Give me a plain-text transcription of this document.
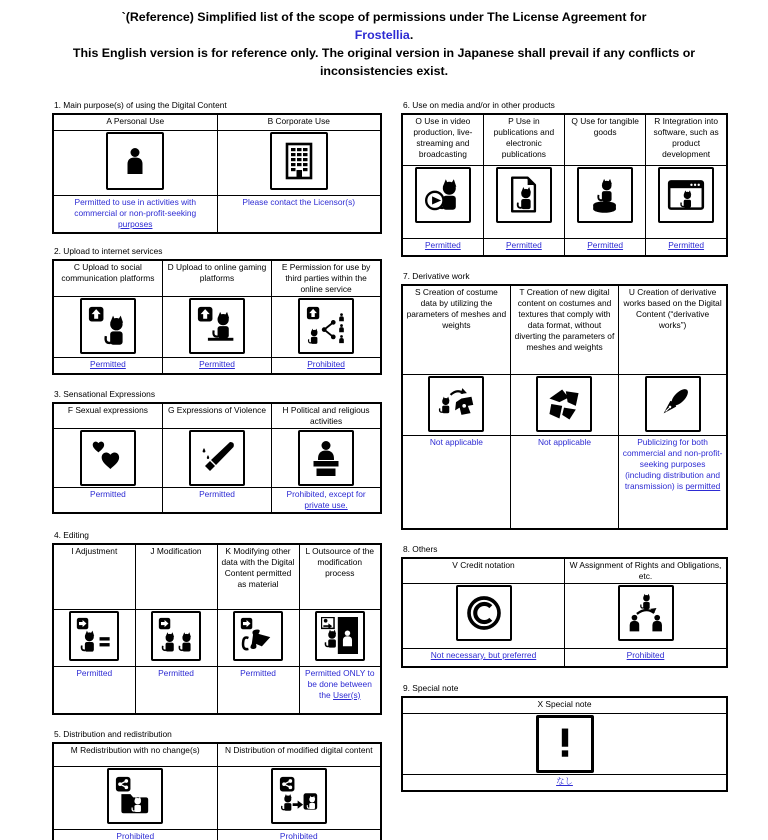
`(Reference) Simplified list of the scope of permissions under The License Agreement for
Frostellia.
This English version is for reference only. The original version in Japanese shall prevail if any conflicts or inconsistencies exist.
1. Main purpose(s) of using the Digital Content
A Personal Use	B Corporate Use

Permitted to use in activities with commercial or non-profit-seeking purposes	Please contact the Licensor(s)
2. Upload to internet services
C Upload to social communication platforms	D Upload to online gaming platforms	E Permission for use by third parties within the online service

Permitted	Permitted	Prohibited
3. Sensational Expressions
F Sexual expressions	G Expressions of Violence	H Political and religious activities

Permitted	Permitted	Prohibited, except for private use.
4. Editing
I Adjustment	J Modification	K Modifying other data with the Digital Content permitted as material	L Outsource of the modification process

Permitted	Permitted	Permitted	Permitted ONLY to be done between the User(s)
5. Distribution and redistribution
M Redistribution with no change(s)	N Distribution of modified digital content

Prohibited	Prohibited
6. Use on media and/or in other products
O Use in video production, live-streaming and broadcasting	P Use in publications and electronic publications	Q Use for tangible goods	R Integration into software, such as product development

Permitted	Permitted	Permitted	Permitted
7. Derivative work
S Creation of costume data by utilizing the parameters of meshes and weights	T Creation of new digital content on costumes and textures that comply with data format, without diverting the parameters of meshes and weights	U Creation of derivative works based on the Digital Content (“derivative works”)

Not applicable	Not applicable	Publicizing for both commercial and non-profit-seeking purposes (including distribution and transmission) is permitted
8. Others
V Credit notation	W Assignment of Rights and Obligations, etc.

Not necessary, but preferred	Prohibited
9. Special note
X Special note

なし
